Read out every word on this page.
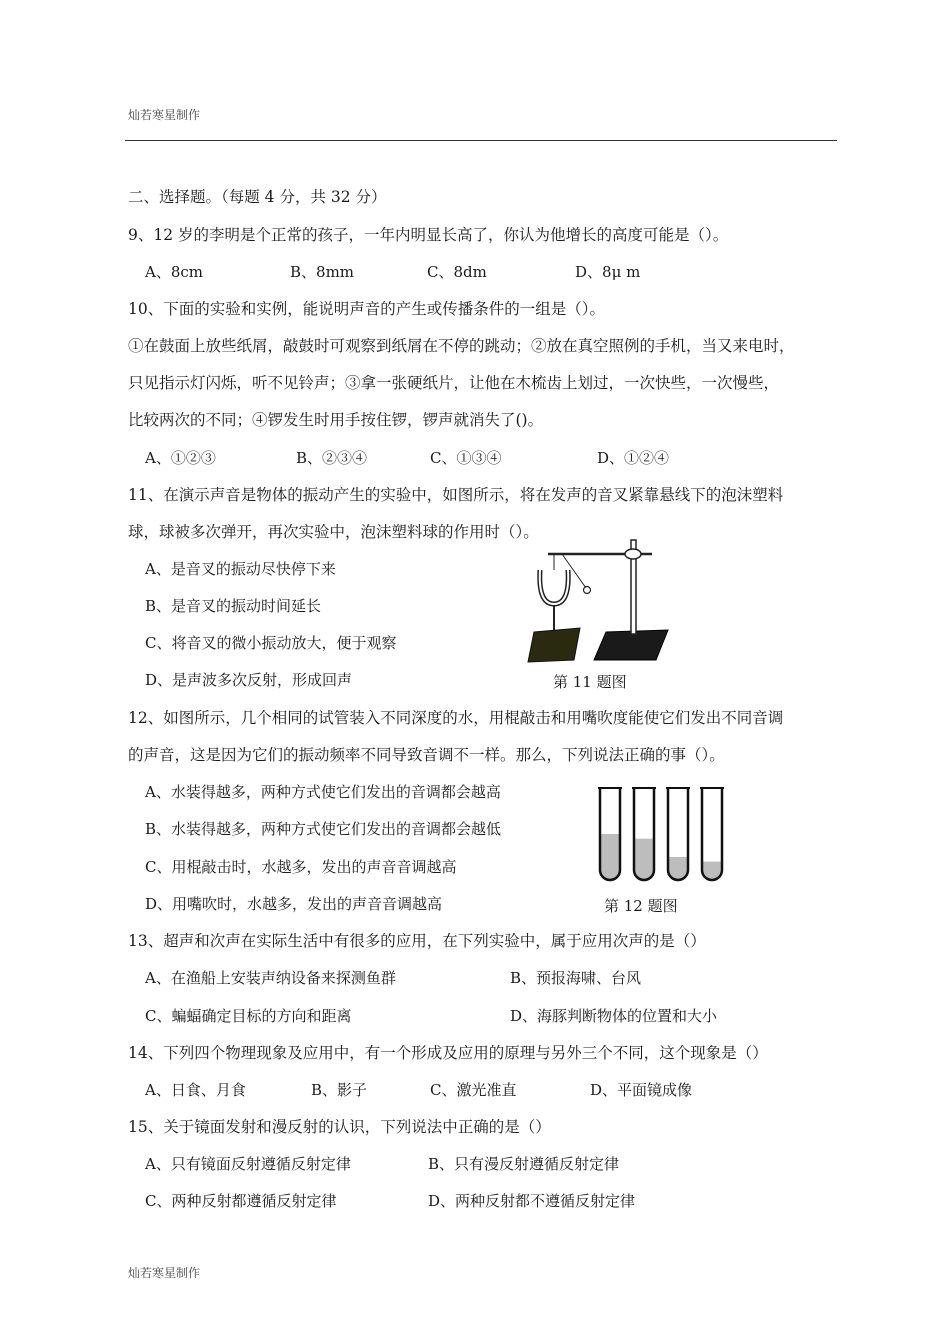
灿若寒星制作
二、选择题。（每题 4 分，共 32 分）
9、12 岁的李明是个正常的孩子，一年内明显长高了，你认为他增长的高度可能是（）。
A、8cm	B、8mm	C、8dm	D、8μ m
10、下面的实验和实例，能说明声音的产生或传播条件的一组是（）。
①在鼓面上放些纸屑，敲鼓时可观察到纸屑在不停的跳动；②放在真空照例的手机，当又来电时，
只见指示灯闪烁，听不见铃声；③拿一张硬纸片，让他在木梳齿上划过，一次快些，一次慢些，
比较两次的不同；④锣发生时用手按住锣，锣声就消失了()。
A、①②③	B、②③④	C、①③④	D、①②④
11、在演示声音是物体的振动产生的实验中，如图所示，将在发声的音叉紧靠悬线下的泡沫塑料
球，球被多次弹开，再次实验中，泡沫塑料球的作用时（）。
A、是音叉的振动尽快停下来
B、是音叉的振动时间延长
C、将音叉的微小振动放大，便于观察
D、是声波多次反射，形成回声	第 11 题图
12、如图所示，几个相同的试管装入不同深度的水，用棍敲击和用嘴吹度能使它们发出不同音调
的声音，这是因为它们的振动频率不同导致音调不一样。那么，下列说法正确的事（）。
A、水装得越多，两种方式使它们发出的音调都会越高
B、水装得越多，两种方式使它们发出的音调都会越低
C、用棍敲击时，水越多，发出的声音音调越高
D、用嘴吹时，水越多，发出的声音音调越高	第 12 题图
13、超声和次声在实际生活中有很多的应用，在下列实验中，属于应用次声的是（）
A、在渔船上安装声纳设备来探测鱼群	B、预报海啸、台风
C、蝙蝠确定目标的方向和距离	D、海豚判断物体的位置和大小
14、下列四个物理现象及应用中，有一个形成及应用的原理与另外三个不同，这个现象是（）
A、日食、月食	B、影子	C、激光准直	D、平面镜成像
15、关于镜面发射和漫反射的认识，下列说法中正确的是（）
A、只有镜面反射遵循反射定律	B、只有漫反射遵循反射定律
C、两种反射都遵循反射定律	D、两种反射都不遵循反射定律
灿若寒星制作
